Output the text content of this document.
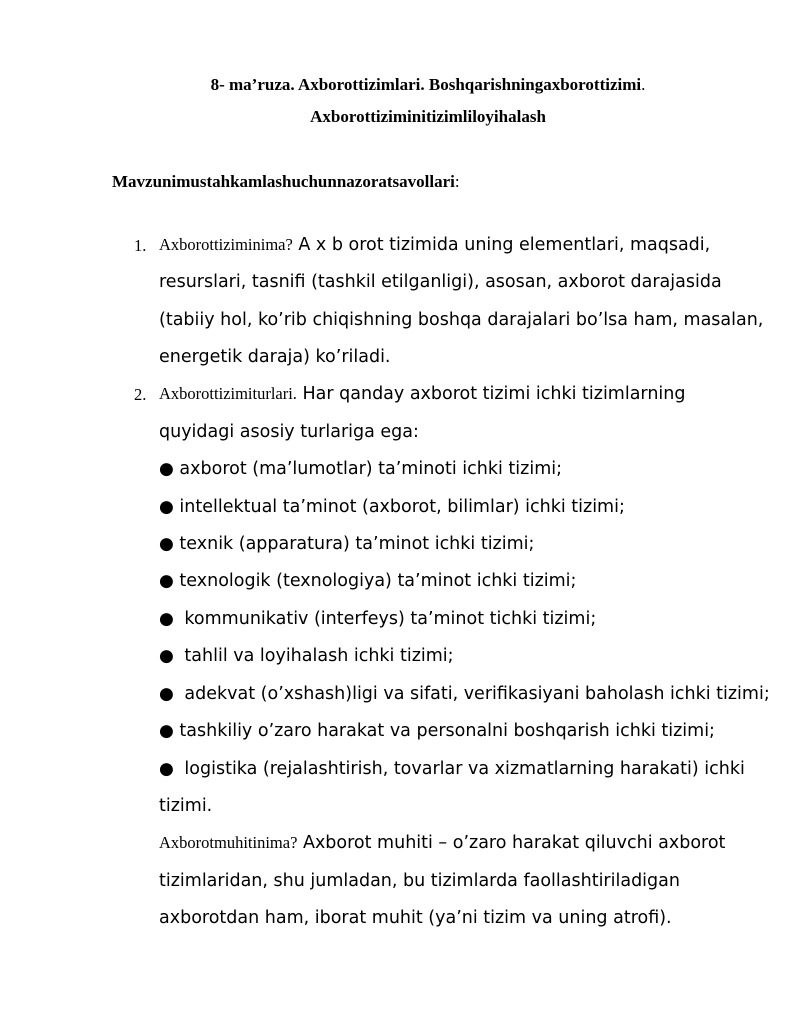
8- ma’ruza. Axborottizimlari. Boshqarishningaxborottizimi.
Axborottiziminitizimliloyihalash
Mavzunimustahkamlashuchunnazoratsavollari:
1. Axborottiziminima? A x b orot tizimida uning elementlari, maqsadi,
resurslari, tasnifi (tashkil etilganligi), asosan, axborot darajasida
(tabiiy hol, ko’rib chiqishning boshqa darajalari bo’lsa ham, masalan,
energetik daraja) ko’riladi.
2. Axborottizimiturlari. Har qanday axborot tizimi ichki tizimlarning
quyidagi asosiy turlariga ega:
● axborot (ma’lumotlar) ta’minoti ichki tizimi;
● intellektual ta’minot (axborot, bilimlar) ichki tizimi;
● texnik (apparatura) ta’minot ichki tizimi;
● texnologik (texnologiya) ta’minot ichki tizimi;
● kommunikativ (interfeys) ta’minot tichki tizimi;
● tahlil va loyihalash ichki tizimi;
● adekvat (o’xshash)ligi va sifati, verifikasiyani baholash ichki tizimi;
● tashkiliy o’zaro harakat va personalni boshqarish ichki tizimi;
● logistika (rejalashtirish, tovarlar va xizmatlarning harakati) ichki
tizimi.
Axborotmuhitinima? Axborot muhiti – o’zaro harakat qiluvchi axborot
tizimlaridan, shu jumladan, bu tizimlarda faollashtiriladigan
axborotdan ham, iborat muhit (ya’ni tizim va uning atrofi).
